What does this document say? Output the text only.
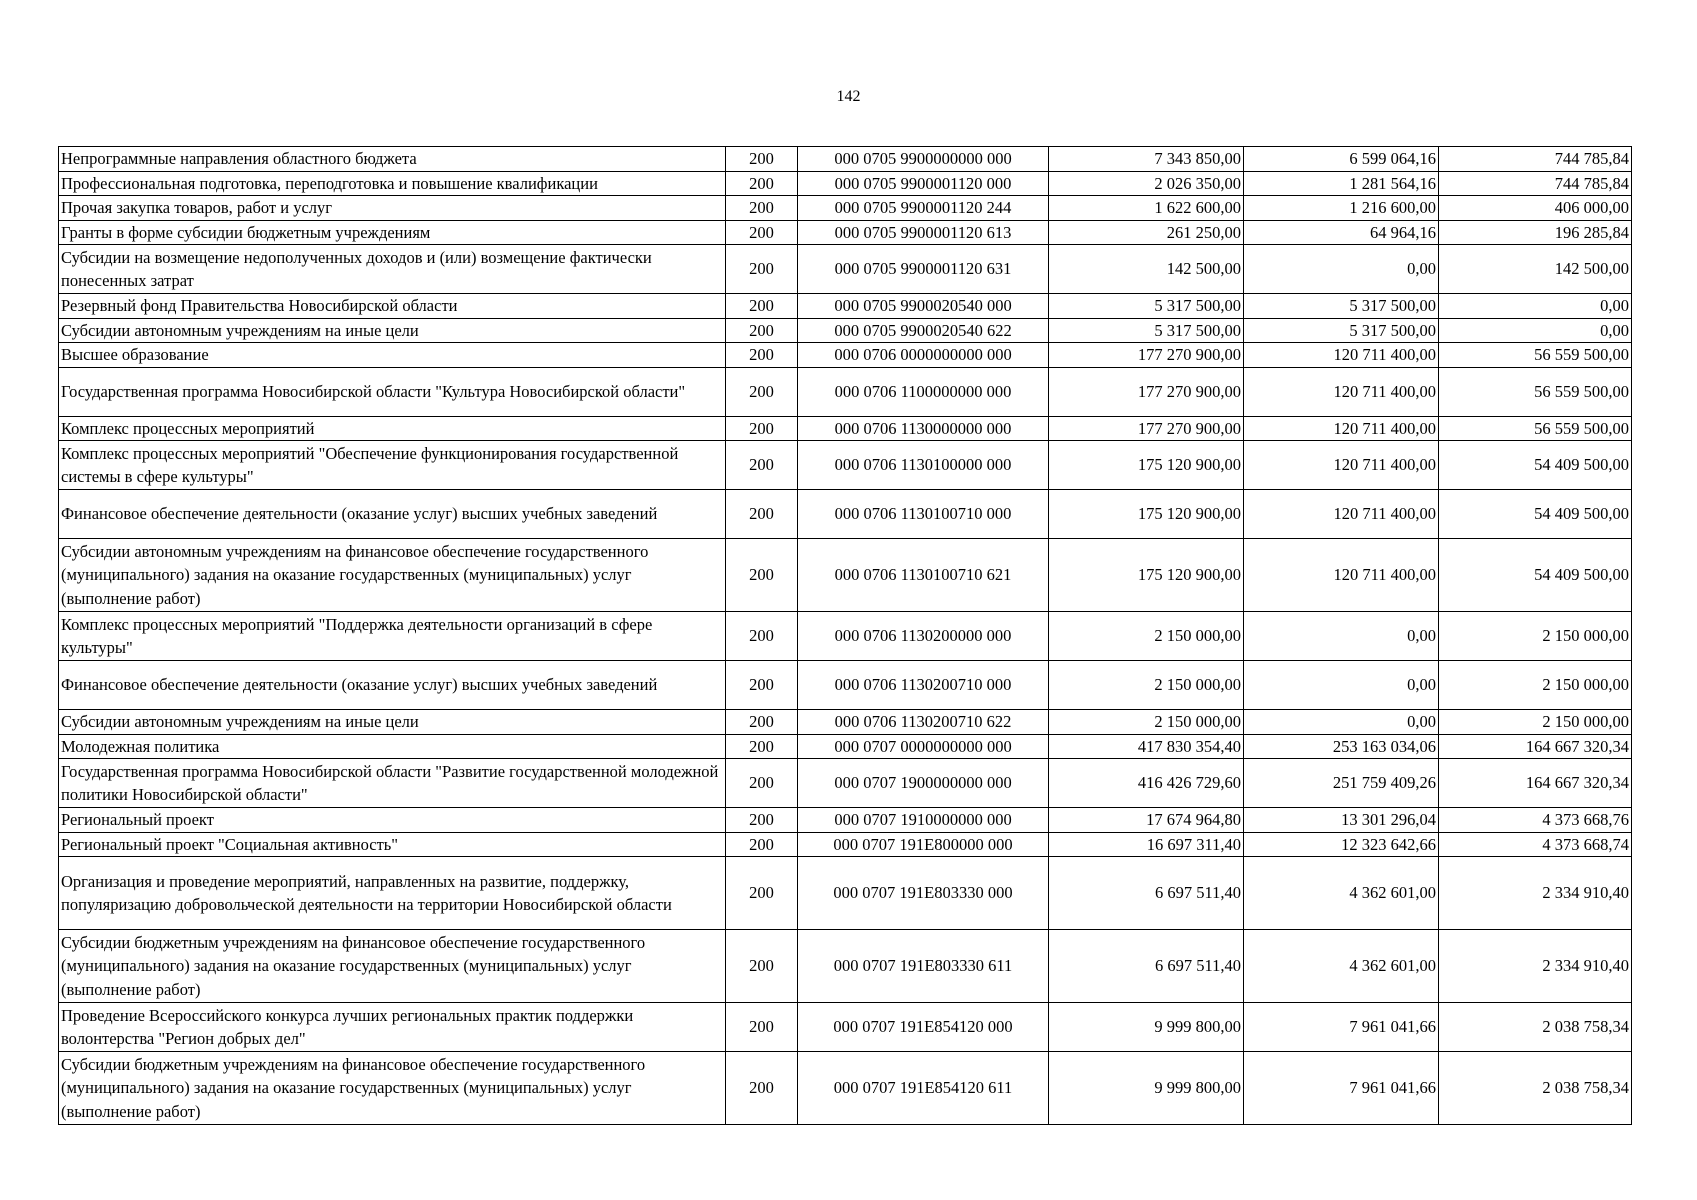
142
Непрограммные направления областного бюджета	200	000 0705 9900000000 000	7 343 850,00	6 599 064,16	744 785,84
Профессиональная подготовка, переподготовка и повышение квалификации	200	000 0705 9900001120 000	2 026 350,00	1 281 564,16	744 785,84
Прочая закупка товаров, работ и услуг	200	000 0705 9900001120 244	1 622 600,00	1 216 600,00	406 000,00
Гранты в форме субсидии бюджетным учреждениям	200	000 0705 9900001120 613	261 250,00	64 964,16	196 285,84
Субсидии на возмещение недополученных доходов и (или) возмещение фактически понесенных затрат	200	000 0705 9900001120 631	142 500,00	0,00	142 500,00
Резервный фонд Правительства Новосибирской области	200	000 0705 9900020540 000	5 317 500,00	5 317 500,00	0,00
Субсидии автономным учреждениям на иные цели	200	000 0705 9900020540 622	5 317 500,00	5 317 500,00	0,00
Высшее образование	200	000 0706 0000000000 000	177 270 900,00	120 711 400,00	56 559 500,00
Государственная программа Новосибирской области "Культура Новосибирской области"	200	000 0706 1100000000 000	177 270 900,00	120 711 400,00	56 559 500,00
Комплекс процессных мероприятий	200	000 0706 1130000000 000	177 270 900,00	120 711 400,00	56 559 500,00
Комплекс процессных мероприятий "Обеспечение функционирования государственной системы в сфере культуры"	200	000 0706 1130100000 000	175 120 900,00	120 711 400,00	54 409 500,00
Финансовое обеспечение деятельности (оказание услуг) высших учебных заведений	200	000 0706 1130100710 000	175 120 900,00	120 711 400,00	54 409 500,00
Субсидии автономным учреждениям на финансовое обеспечение государственного (муниципального) задания на оказание государственных (муниципальных) услуг (выполнение работ)	200	000 0706 1130100710 621	175 120 900,00	120 711 400,00	54 409 500,00
Комплекс процессных мероприятий "Поддержка деятельности организаций в сфере культуры"	200	000 0706 1130200000 000	2 150 000,00	0,00	2 150 000,00
Финансовое обеспечение деятельности (оказание услуг) высших учебных заведений	200	000 0706 1130200710 000	2 150 000,00	0,00	2 150 000,00
Субсидии автономным учреждениям на иные цели	200	000 0706 1130200710 622	2 150 000,00	0,00	2 150 000,00
Молодежная политика	200	000 0707 0000000000 000	417 830 354,40	253 163 034,06	164 667 320,34
Государственная программа Новосибирской области "Развитие государственной молодежной политики Новосибирской области"	200	000 0707 1900000000 000	416 426 729,60	251 759 409,26	164 667 320,34
Региональный проект	200	000 0707 1910000000 000	17 674 964,80	13 301 296,04	4 373 668,76
Региональный проект "Социальная активность"	200	000 0707 191E800000 000	16 697 311,40	12 323 642,66	4 373 668,74
Организация и проведение мероприятий, направленных на развитие, поддержку, популяризацию добровольческой деятельности на территории Новосибирской области	200	000 0707 191E803330 000	6 697 511,40	4 362 601,00	2 334 910,40
Субсидии бюджетным учреждениям на финансовое обеспечение государственного (муниципального) задания на оказание государственных (муниципальных) услуг (выполнение работ)	200	000 0707 191E803330 611	6 697 511,40	4 362 601,00	2 334 910,40
Проведение Всероссийского конкурса лучших региональных практик поддержки волонтерства "Регион добрых дел"	200	000 0707 191E854120 000	9 999 800,00	7 961 041,66	2 038 758,34
Субсидии бюджетным учреждениям на финансовое обеспечение государственного (муниципального) задания на оказание государственных (муниципальных) услуг (выполнение работ)	200	000 0707 191E854120 611	9 999 800,00	7 961 041,66	2 038 758,34
